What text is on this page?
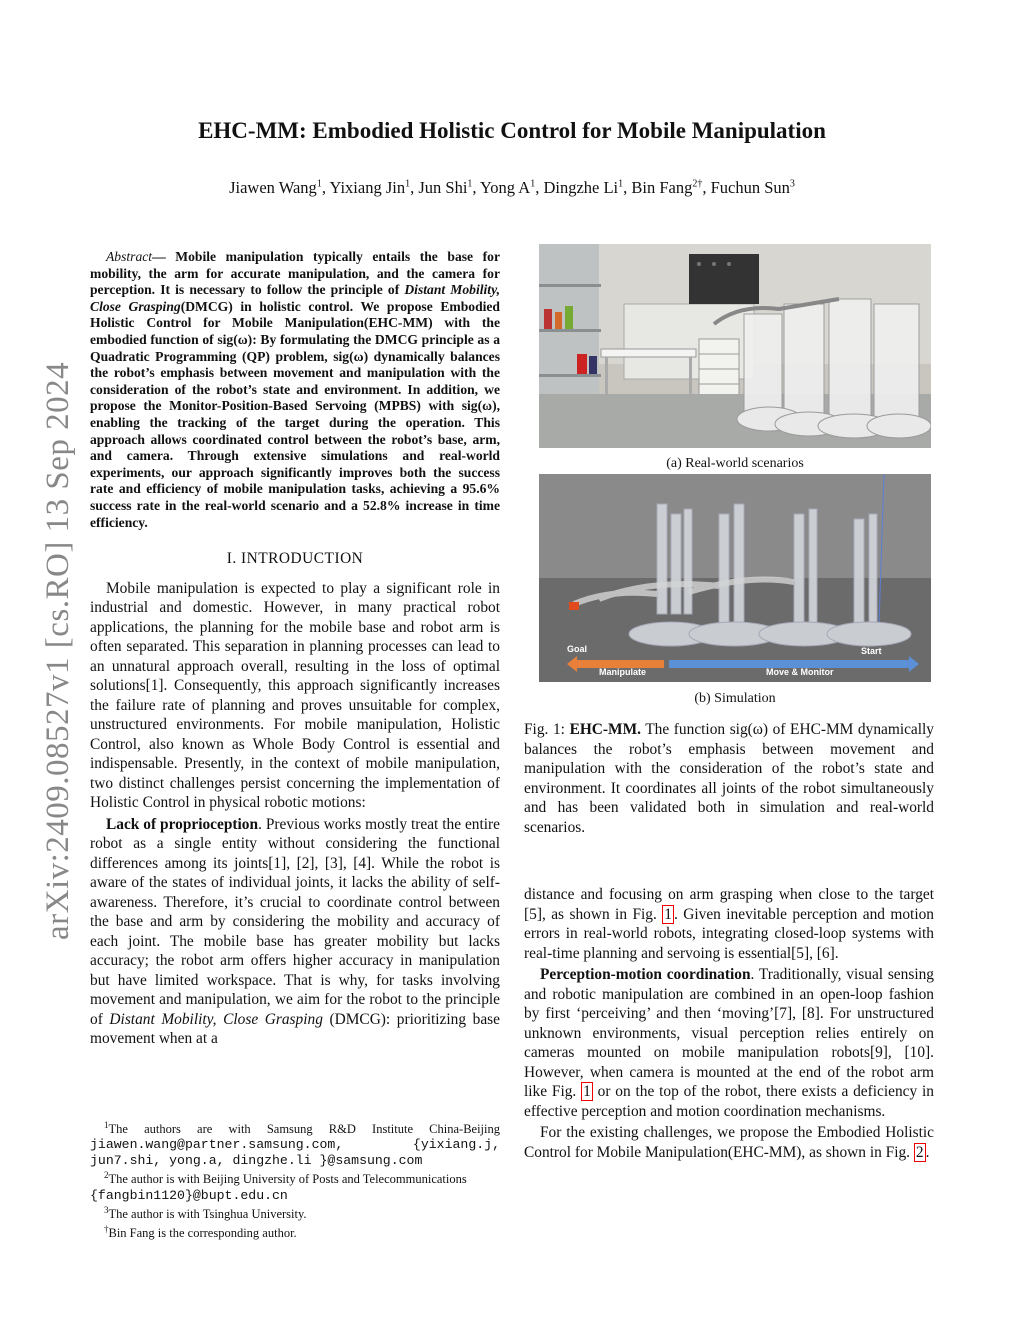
EHC-MM: Embodied Holistic Control for Mobile Manipulation
Jiawen Wang$^1$, Yixiang Jin$^1$, Jun Shi$^1$, Yong $A^1$, Dingzhe Li$^1$, Bin Fang$^{2\dagger}$, Fuchun Sun$^3$
arXiv:2409.08527v1 [cs.RO] 13 Sep 2024
Abstract— Mobile manipulation typically entails the base for mobility, the arm for accurate manipulation, and the camera for perception. It is necessary to follow the principle of Distant Mobility, Close Grasping(DMCG) in holistic control. We propose Embodied Holistic Control for Mobile Manipulation(EHC-MM) with the embodied function of sig(ω): By formulating the DMCG principle as a Quadratic Programming (QP) problem, sig(ω) dynamically balances the robot’s emphasis between movement and manipulation with the consideration of the robot’s state and environment. In addition, we propose the Monitor-Position-Based Servoing (MPBS) with sig(ω), enabling the tracking of the target during the operation. This approach allows coordinated control between the robot’s base, arm, and camera. Through extensive simulations and real-world experiments, our approach significantly improves both the success rate and efficiency of mobile manipulation tasks, achieving a 95.6% success rate in the real-world scenario and a 52.8% increase in time efficiency.
I. INTRODUCTION

Mobile manipulation is expected to play a significant role in industrial and domestic. However, in many practical robot applications, the planning for the mobile base and robot arm is often separated. This separation in planning processes can lead to an unnatural approach overall, resulting in the loss of optimal solutions[1]. Consequently, this approach significantly increases the failure rate of planning and proves unsuitable for complex, unstructured environments. For mobile manipulation, Holistic Control, also known as Whole Body Control is essential and indispensable. Presently, in the context of mobile manipulation, two distinct challenges persist concerning the implementation of Holistic Control in physical robotic motions:

Lack of proprioception. Previous works mostly treat the entire robot as a single entity without considering the functional differences among its joints[1], [2], [3], [4]. While the robot is aware of the states of individual joints, it lacks the ability of self-awareness. Therefore, it’s crucial to coordinate control between the base and arm by considering the mobility and accuracy of each joint. The mobile base has greater mobility but lacks accuracy; the robot arm offers higher accuracy in manipulation but have limited workspace. That is why, for tasks involving movement and manipulation, we aim for the robot to the principle of Distant Mobility, Close Grasping (DMCG): prioritizing base movement when at a

$^1$The authors are with Samsung R&D Institute China-Beijing jiawen.wang@partner.samsung.com, {yixiang.j, jun7.shi, yong.a, dingzhe.li }@samsung.com
$^2$The author is with Beijing University of Posts and Telecommunications {fangbin1120}@bupt.edu.cn
$^3$The author is with Tsinghua University.
†Bin Fang is the corresponding author.
(a) Real-world scenarios
Goal	Start
Manipulate	Move & Monitor
(b) Simulation
Fig. 1: EHC-MM. The function sig(ω) of EHC-MM dynamically balances the robot’s emphasis between movement and manipulation with the consideration of the robot’s state and environment. It coordinates all joints of the robot simultaneously and has been validated both in simulation and real-world scenarios.

distance and focusing on arm grasping when close to the target [5], as shown in Fig. 1 . Given inevitable perception and motion errors in real-world robots, integrating closed-loop systems with real-time planning and servoing is essential[5], [6].

Perception-motion coordination. Traditionally, visual sensing and robotic manipulation are combined in an open-loop fashion by first ‘perceiving’ and then ‘moving’[7], [8]. For unstructured unknown environments, visual perception relies entirely on cameras mounted on mobile manipulation robots[9], [10]. However, when camera is mounted at the end of the robot arm like Fig. 1 or on the top of the robot, there exists a deficiency in effective perception and motion coordination mechanisms.

For the existing challenges, we propose the Embodied Holistic Control for Mobile Manipulation(EHC-MM), as shown in Fig. 2 .
